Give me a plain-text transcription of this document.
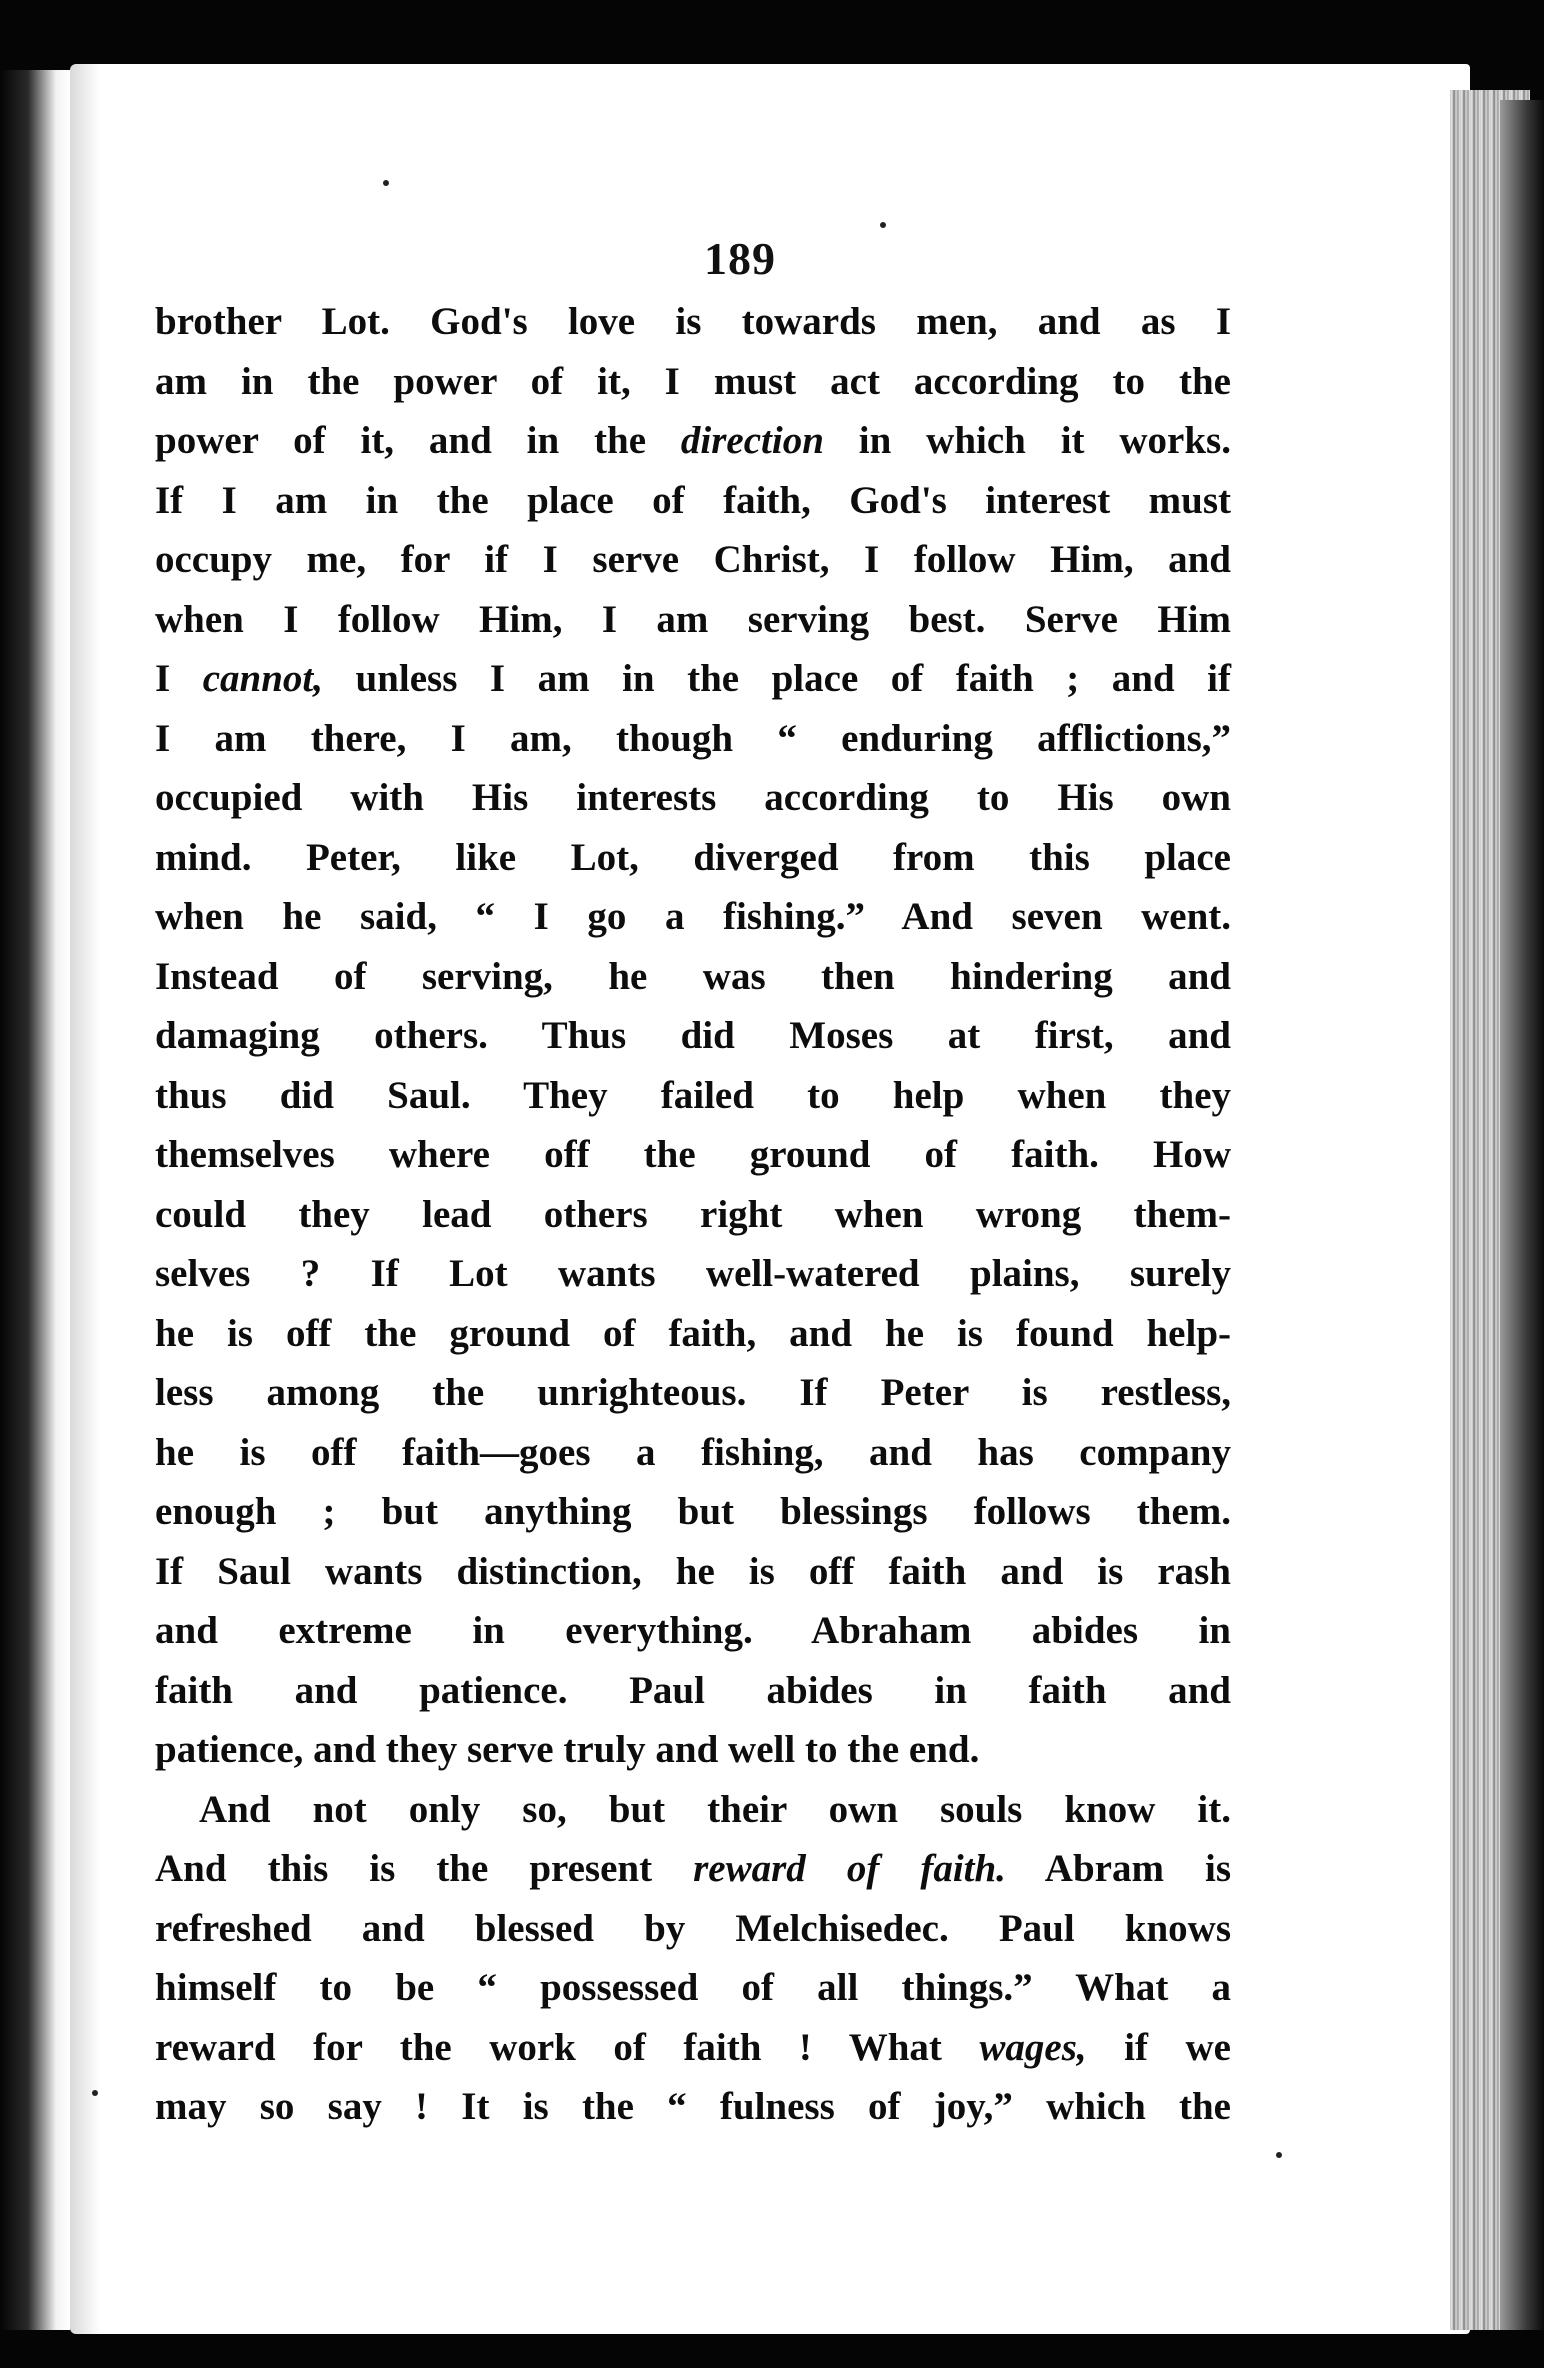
189
brother Lot. God's love is towards men, and as I
am in the power of it, I must act according to the
power of it, and in the direction in which it works.
If I am in the place of faith, God's interest must
occupy me, for if I serve Christ, I follow Him, and
when I follow Him, I am serving best. Serve Him
I cannot, unless I am in the place of faith ; and if
I am there, I am, though “ enduring afflictions,”
occupied with His interests according to His own
mind. Peter, like Lot, diverged from this place
when he said, “ I go a fishing.” And seven went.
Instead of serving, he was then hindering and
damaging others. Thus did Moses at first, and
thus did Saul. They failed to help when they
themselves where off the ground of faith. How
could they lead others right when wrong them-
selves ? If Lot wants well-watered plains, surely
he is off the ground of faith, and he is found help-
less among the unrighteous. If Peter is restless,
he is off faith—goes a fishing, and has company
enough ; but anything but blessings follows them.
If Saul wants distinction, he is off faith and is rash
and extreme in everything. Abraham abides in
faith and patience. Paul abides in faith and
patience, and they serve truly and well to the end.
And not only so, but their own souls know it.
And this is the present reward of faith. Abram is
refreshed and blessed by Melchisedec. Paul knows
himself to be “ possessed of all things.” What a
reward for the work of faith ! What wages, if we
may so say ! It is the “ fulness of joy,” which the
